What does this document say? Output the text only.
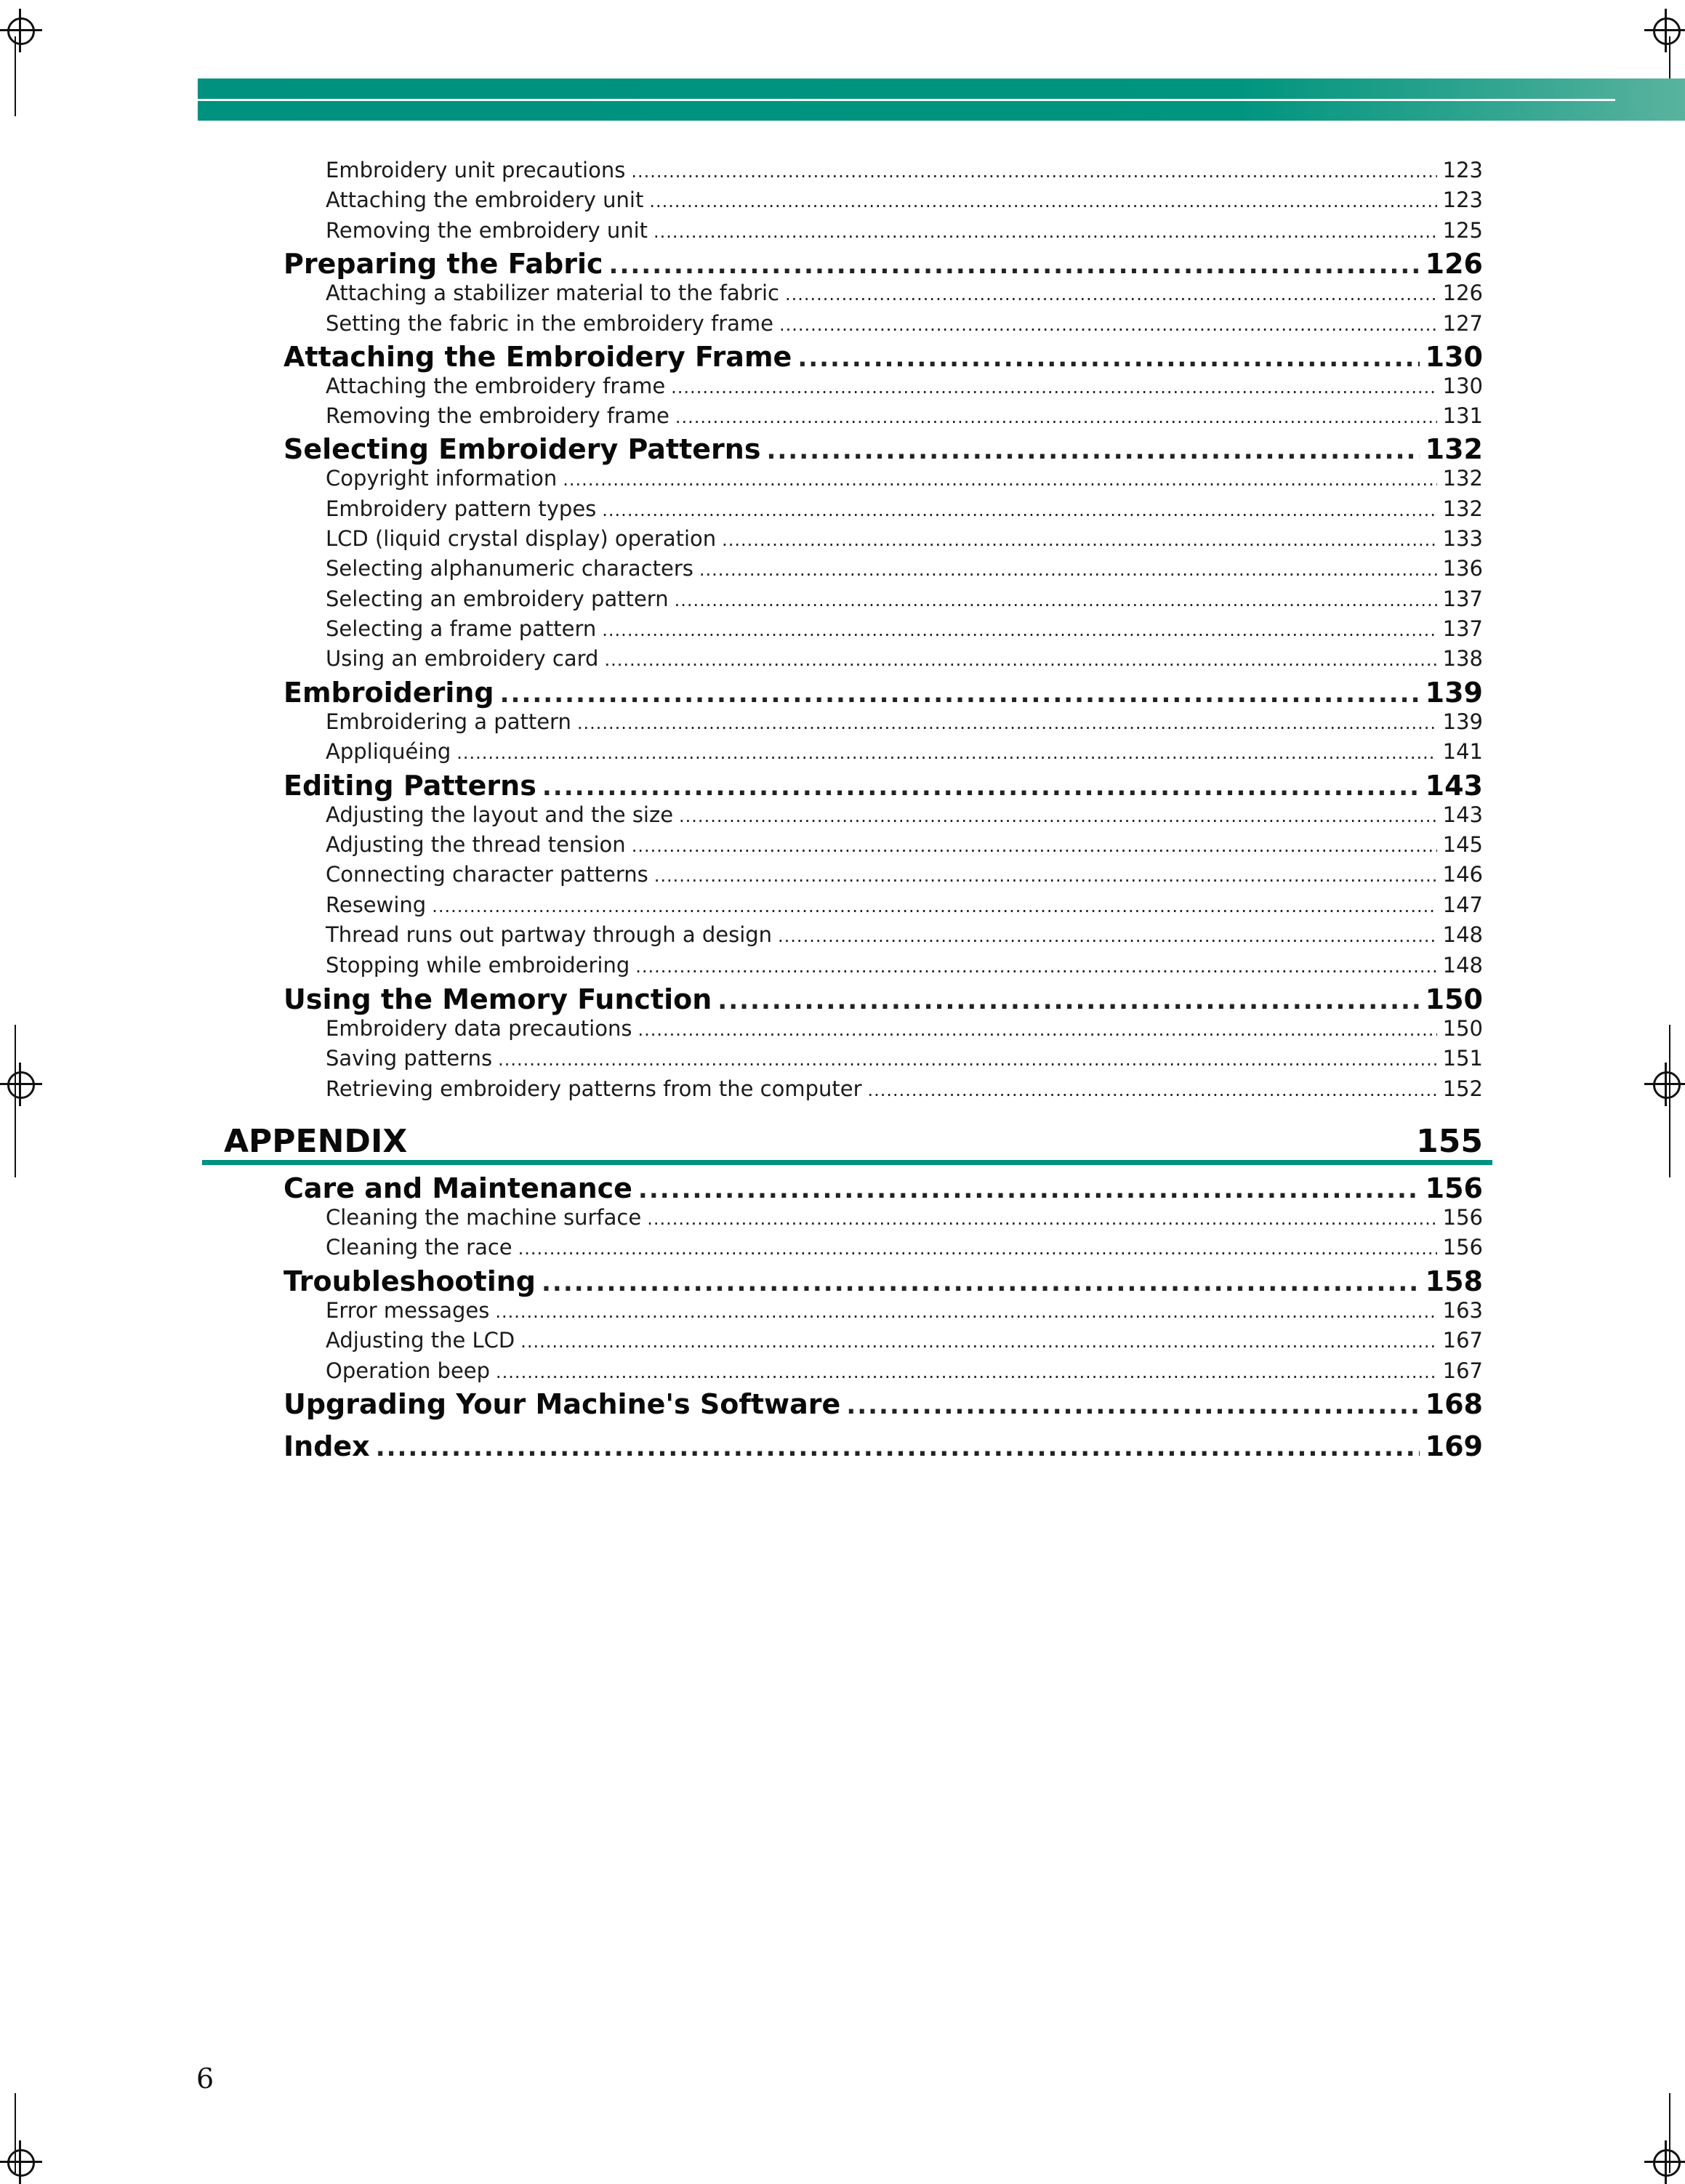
Embroidery unit precautions .....	123
Attaching the embroidery unit .....	123
Removing the embroidery unit .....	125
Preparing the Fabric .....	126
Attaching a stabilizer material to the fabric .....	126
Setting the fabric in the embroidery frame .....	127
Attaching the Embroidery Frame .....	130
Attaching the embroidery frame .....	130
Removing the embroidery frame .....	131
Selecting Embroidery Patterns .....	132
Copyright information .....	132
Embroidery pattern types .....	132
LCD (liquid crystal display) operation .....	133
Selecting alphanumeric characters .....	136
Selecting an embroidery pattern .....	137
Selecting a frame pattern .....	137
Using an embroidery card .....	138
Embroidering .....	139
Embroidering a pattern .....	139
Appliquéing .....	141
Editing Patterns .....	143
Adjusting the layout and the size .....	143
Adjusting the thread tension .....	145
Connecting character patterns .....	146
Resewing .....	147
Thread runs out partway through a design .....	148
Stopping while embroidering .....	148
Using the Memory Function .....	150
Embroidery data precautions .....	150
Saving patterns .....	151
Retrieving embroidery patterns from the computer .....	152
APPENDIX	155
Care and Maintenance .....	156
Cleaning the machine surface .....	156
Cleaning the race .....	156
Troubleshooting .....	158
Error messages .....	163
Adjusting the LCD .....	167
Operation beep .....	167
Upgrading Your Machine's Software .....	168
Index .....	169
6
